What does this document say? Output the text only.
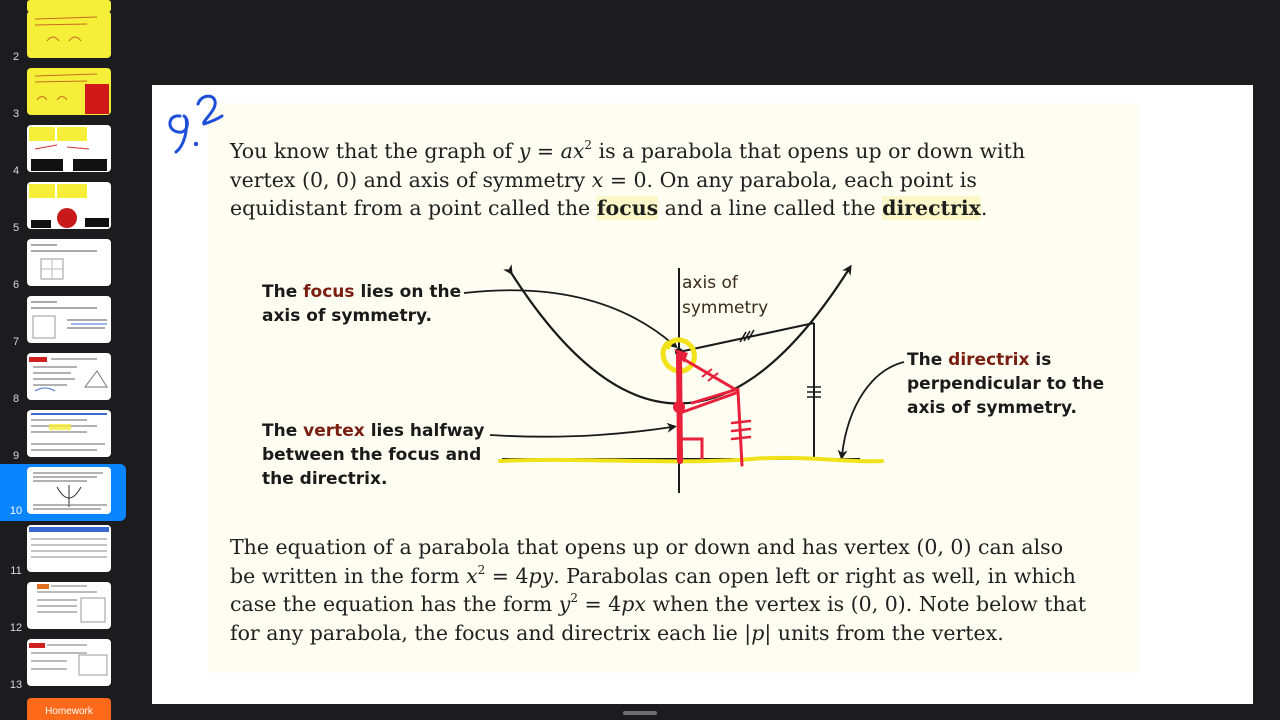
2
3
4
5
6
7
8
9
10
11
12
13
Homework
You know that the graph of $y = ax^2$ is a parabola that opens up or down with
vertex (0, 0) and axis of symmetry x = 0. On any parabola, each point is
equidistant from a point called the focus and a line called the directrix.
axis of
symmetry
The focus lies on the
axis of symmetry.
The vertex lies halfway
between the focus and
the directrix.
The directrix is
perpendicular to the
axis of symmetry.
The equation of a parabola that opens up or down and has vertex (0, 0) can also
be written in the form $x^2 = 4py$. Parabolas can open left or right as well, in which
case the equation has the form $y^2 = 4px$ when the vertex is (0, 0). Note below that
for any parabola, the focus and directrix each lie |p| units from the vertex.
